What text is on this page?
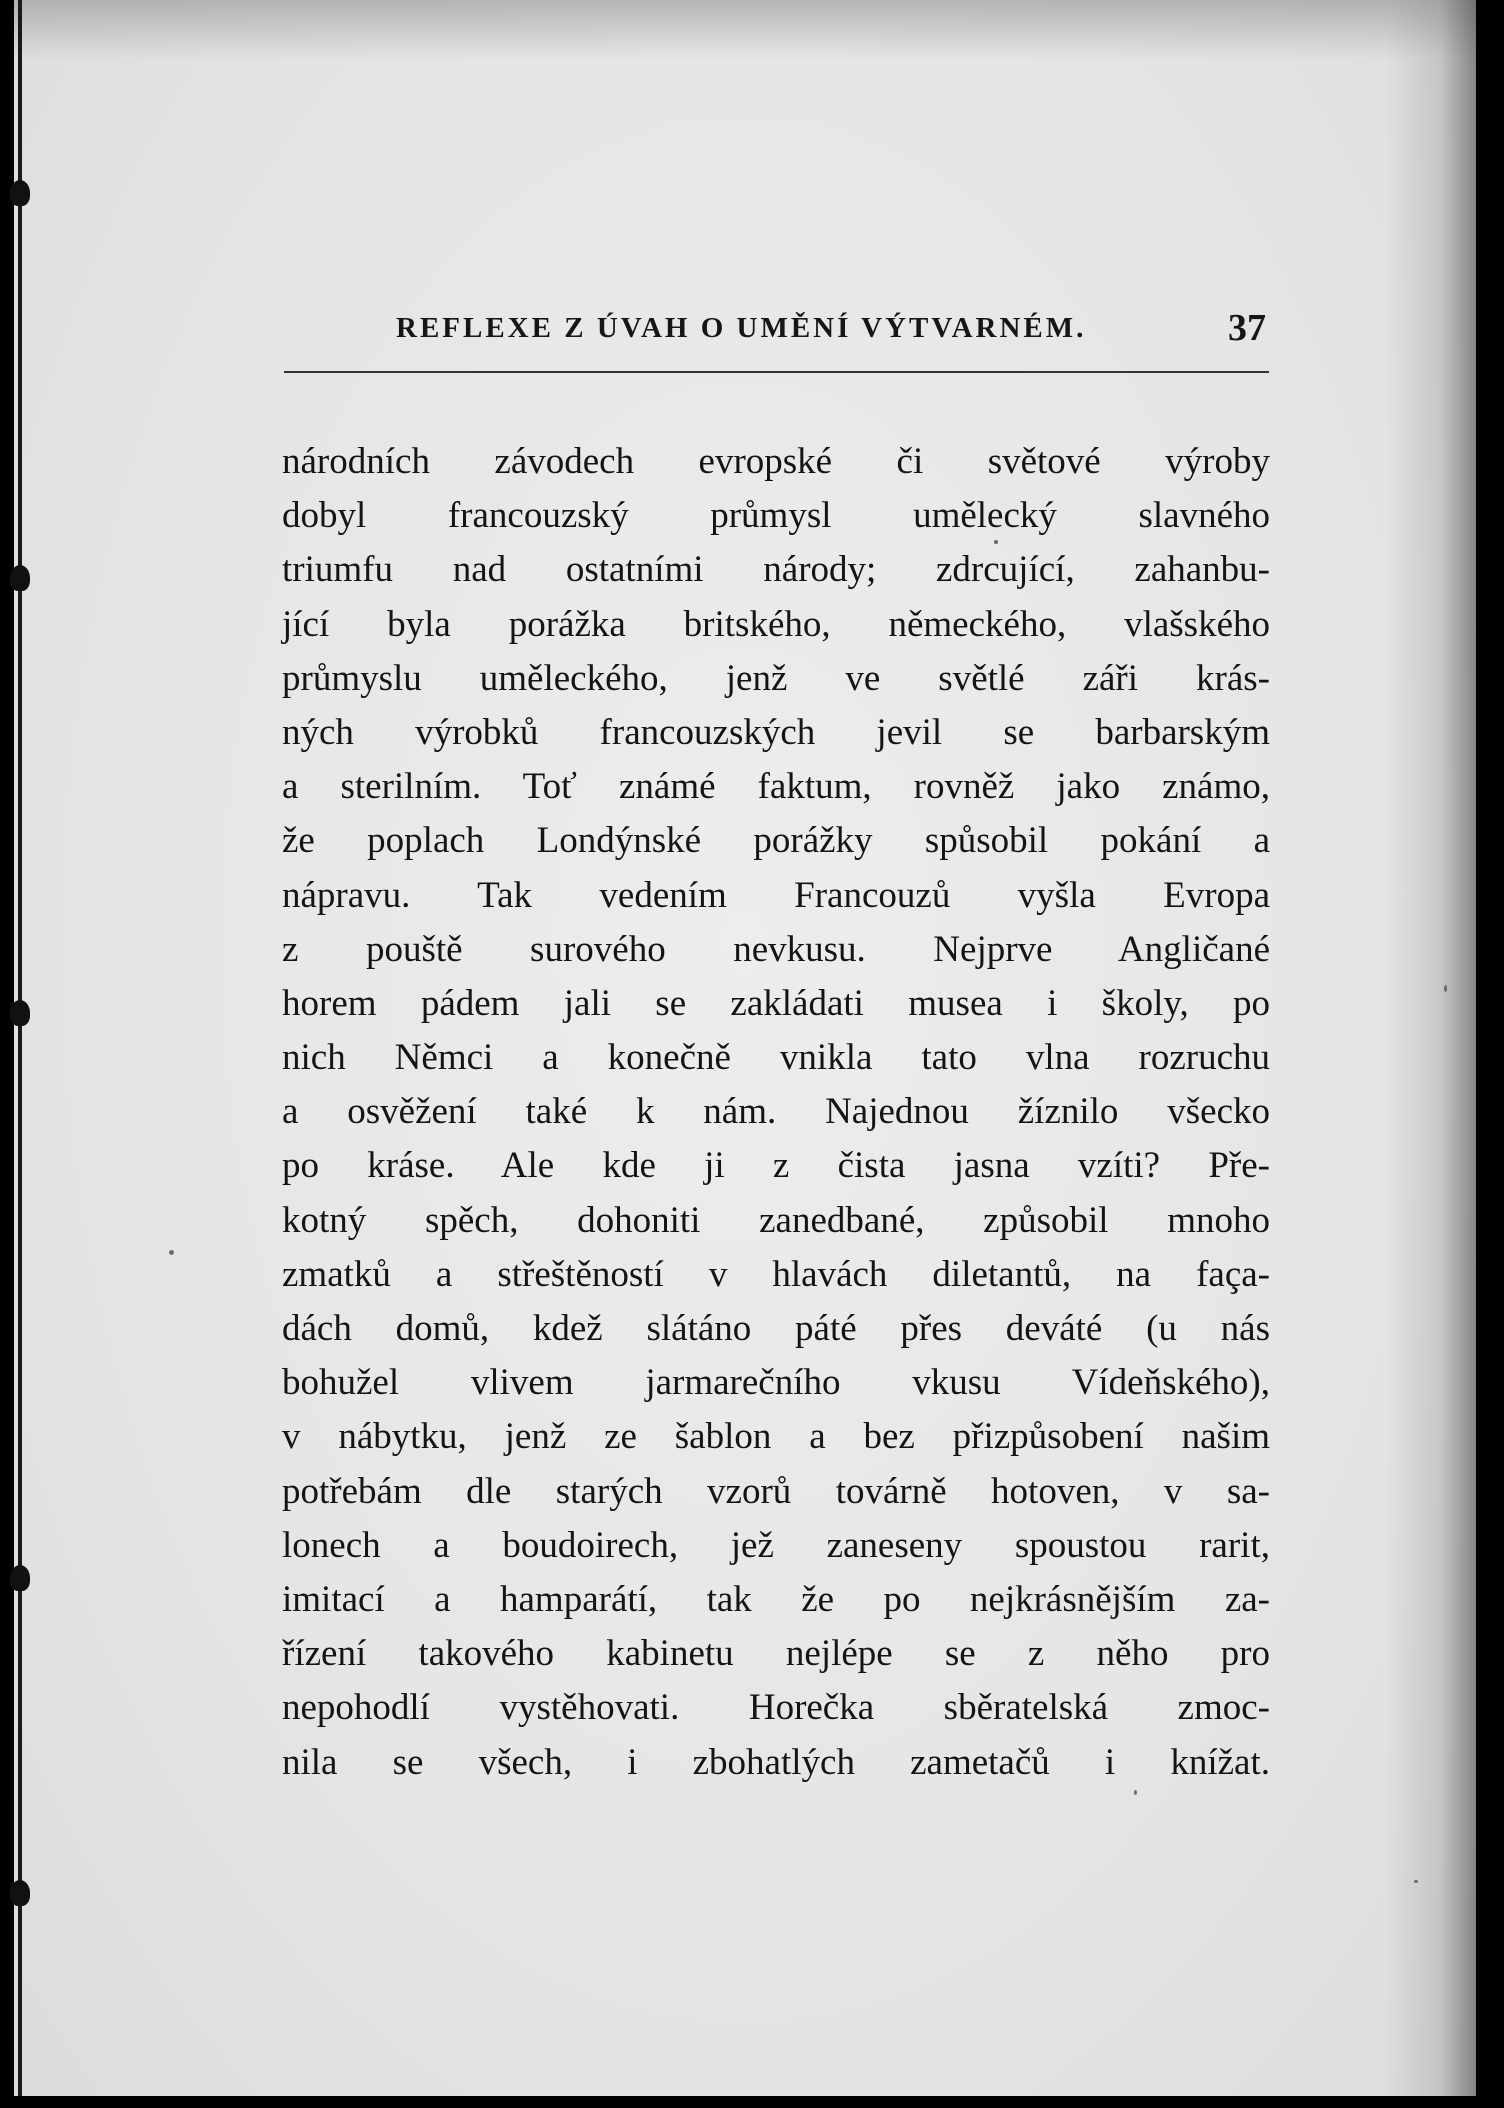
REFLEXE Z ÚVAH O UMĚNÍ VÝTVARNÉM.	37
národních závodech evropské či světové výroby
dobyl francouzský průmysl umělecký slavného
triumfu nad ostatními národy; zdrcující, zahanbu-
jící byla porážka britského, německého, vlašského
průmyslu uměleckého, jenž ve světlé záři krás-
ných výrobků francouzských jevil se barbarským
a sterilním. Toť známé faktum, rovněž jako známo,
že poplach Londýnské porážky spůsobil pokání a
nápravu. Tak vedením Francouzů vyšla Evropa
z pouště surového nevkusu. Nejprve Angličané
horem pádem jali se zakládati musea i školy, po
nich Němci a konečně vnikla tato vlna rozruchu
a osvěžení také k nám. Najednou žíznilo všecko
po kráse. Ale kde ji z čista jasna vzíti? Pře-
kotný spěch, dohoniti zanedbané, způsobil mnoho
zmatků a střeštěností v hlavách diletantů, na faça-
dách domů, kdež slátáno páté přes deváté (u nás
bohužel vlivem jarmarečního vkusu Vídeňského),
v nábytku, jenž ze šablon a bez přizpůsobení našim
potřebám dle starých vzorů továrně hotoven, v sa-
lonech a boudoirech, jež zaneseny spoustou rarit,
imitací a hamparátí, tak že po nejkrásnějším za-
řízení takového kabinetu nejlépe se z něho pro
nepohodlí vystěhovati. Horečka sběratelská zmoc-
nila se všech, i zbohatlých zametačů i knížat.
